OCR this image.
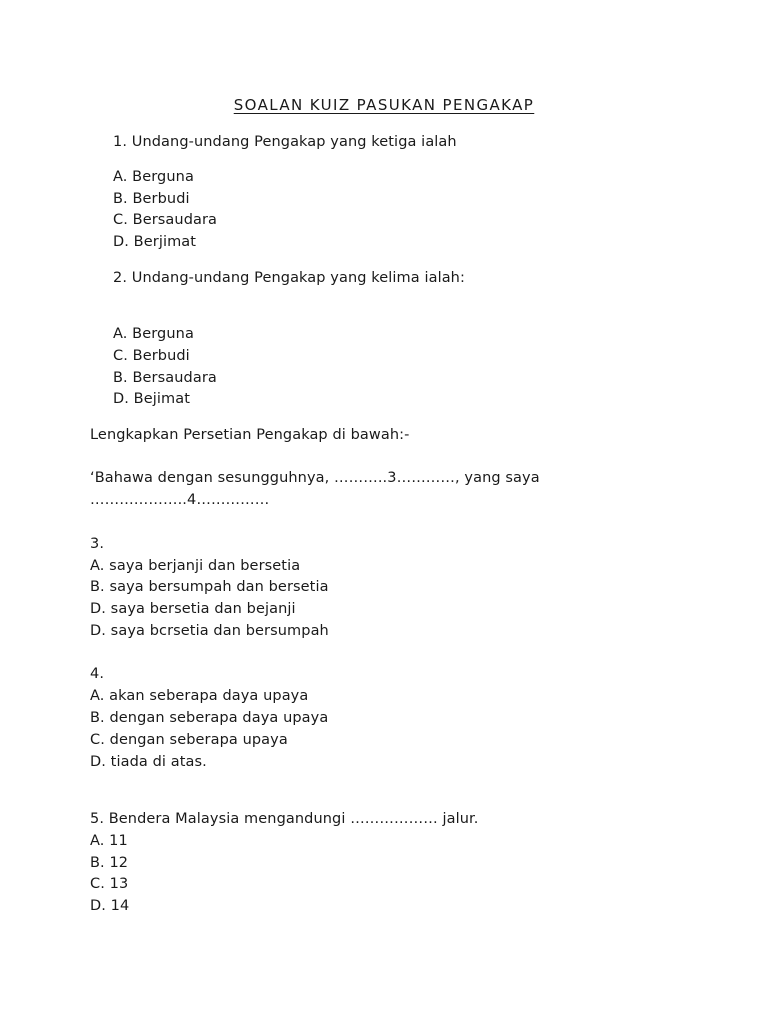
SOALAN KUIZ PASUKAN PENGAKAP
1. Undang-undang Pengakap yang ketiga ialah
A. Berguna
B. Berbudi
C. Bersaudara
D. Berjimat
2. Undang-undang Pengakap yang kelima ialah:
A. Berguna
C. Berbudi
B. Bersaudara
D. Bejimat
Lengkapkan Persetian Pengakap di bawah:-
‘Bahawa dengan sesungguhnya, ………..3…………, yang saya
………………..4……………
3.
A. saya berjanji dan bersetia
B. saya bersumpah dan bersetia
D. saya bersetia dan bejanji
D. saya bcrsetia dan bersumpah
4.
A. akan seberapa daya upaya
B. dengan seberapa daya upaya
C. dengan seberapa upaya
D. tiada di atas.
5. Bendera Malaysia mengandungi ……………… jalur.
A. 11
B. 12
C. 13
D. 14
